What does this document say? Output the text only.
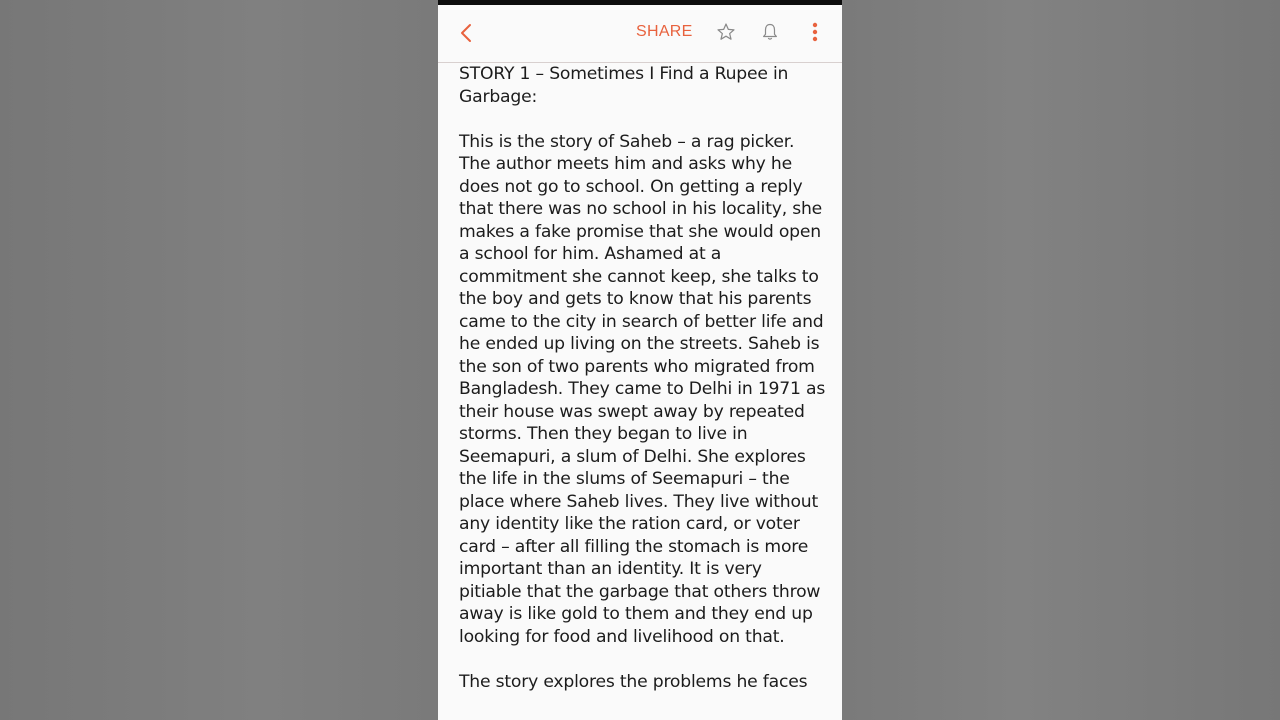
SHARE

STORY 1 – Sometimes I Find a Rupee in Garbage:

This is the story of Saheb – a rag picker. The author meets him and asks why he does not go to school. On getting a reply that there was no school in his locality, she makes a fake promise that she would open a school for him. Ashamed at a commitment she cannot keep, she talks to the boy and gets to know that his parents came to the city in search of better life and he ended up living on the streets. Saheb is the son of two parents who migrated from Bangladesh. They came to Delhi in 1971 as their house was swept away by repeated storms. Then they began to live in Seemapuri, a slum of Delhi. She explores the life in the slums of Seemapuri – the place where Saheb lives. They live without any identity like the ration card, or voter card – after all filling the stomach is more important than an identity. It is very pitiable that the garbage that others throw away is like gold to them and they end up looking for food and livelihood on that.

The story explores the problems he faces
